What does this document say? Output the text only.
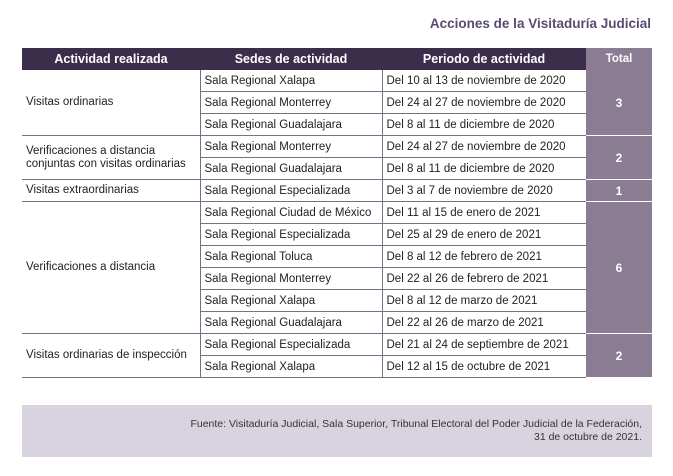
Acciones de la Visitaduría Judicial
Actividad realizada	Sedes de actividad	Periodo de actividad	Total
Visitas ordinarias	Sala Regional Xalapa	Del 10 al 13 de noviembre de 2020	3
	Sala Regional Monterrey	Del 24 al 27 de noviembre de 2020	
	Sala Regional Guadalajara	Del 8 al 11 de diciembre de 2020	
Verificaciones a distancia conjuntas con visitas ordinarias	Sala Regional Monterrey	Del 24 al 27 de noviembre de 2020	2
	Sala Regional Guadalajara	Del 8 al 11 de diciembre de 2020	
Visitas extraordinarias	Sala Regional Especializada	Del 3 al 7 de noviembre de 2020	1
Verificaciones a distancia	Sala Regional Ciudad de México	Del 11 al 15 de enero de 2021	6
	Sala Regional Especializada	Del 25 al 29 de enero de 2021	
	Sala Regional Toluca	Del 8 al 12 de febrero de 2021	
	Sala Regional Monterrey	Del 22 al 26 de febrero de 2021	
	Sala Regional Xalapa	Del 8 al 12 de marzo de 2021	
	Sala Regional Guadalajara	Del 22 al 26 de marzo de 2021	
Visitas ordinarias de inspección	Sala Regional Especializada	Del 21 al 24 de septiembre de 2021	2
	Sala Regional Xalapa	Del 12 al 15 de octubre de 2021	
Fuente: Visitaduría Judicial, Sala Superior, Tribunal Electoral del Poder Judicial de la Federación,
31 de octubre de 2021.
